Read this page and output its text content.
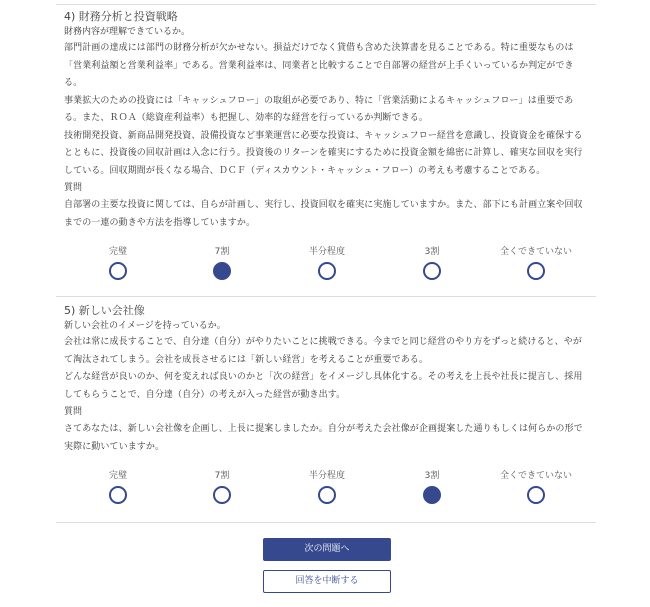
4) 財務分析と投資戦略
財務内容が理解できているか。
部門計画の達成には部門の財務分析が欠かせない。損益だけでなく貸借も含めた決算書を見ることである。特に重要なものは
「営業利益額と営業利益率」である。営業利益率は、同業者と比較することで自部署の経営が上手くいっているか判定ができ
る。
事業拡大のための投資には「キャッシュフロー」の取組が必要であり、特に「営業活動によるキャッシュフロー」は重要であ
る。また、ＲＯＡ（総資産利益率）も把握し、効率的な経営を行っているか判断できる。
技術開発投資、新商品開発投資、設備投資など事業運営に必要な投資は、キャッシュフロー経営を意識し、投資資金を確保する
とともに、投資後の回収計画は入念に行う。投資後のリターンを確実にするために投資金額を綿密に計算し、確実な回収を実行
している。回収期間が長くなる場合、ＤＣＦ（ディスカウント・キャッシュ・フロー）の考えも考慮することである。
質問
自部署の主要な投資に関しては、自らが計画し、実行し、投資回収を確実に実施していますか。また、部下にも計画立案や回収
までの一連の動きや方法を指導していますか。
完璧	7割	半分程度	3割	全くできていない
5) 新しい会社像
新しい会社のイメージを持っているか。
会社は常に成長することで、自分達（自分）がやりたいことに挑戦できる。今までと同じ経営のやり方をずっと続けると、やが
て淘汰されてしまう。会社を成長させるには「新しい経営」を考えることが重要である。
どんな経営が良いのか、何を変えれば良いのかと「次の経営」をイメージし具体化する。その考えを上長や社長に提言し、採用
してもらうことで、自分達（自分）の考えが入った経営が動き出す。
質問
さてあなたは、新しい会社像を企画し、上長に提案しましたか。自分が考えた会社像が企画提案した通りもしくは何らかの形で
実際に動いていますか。
完璧	7割	半分程度	3割	全くできていない
次の問題へ
回答を中断する
